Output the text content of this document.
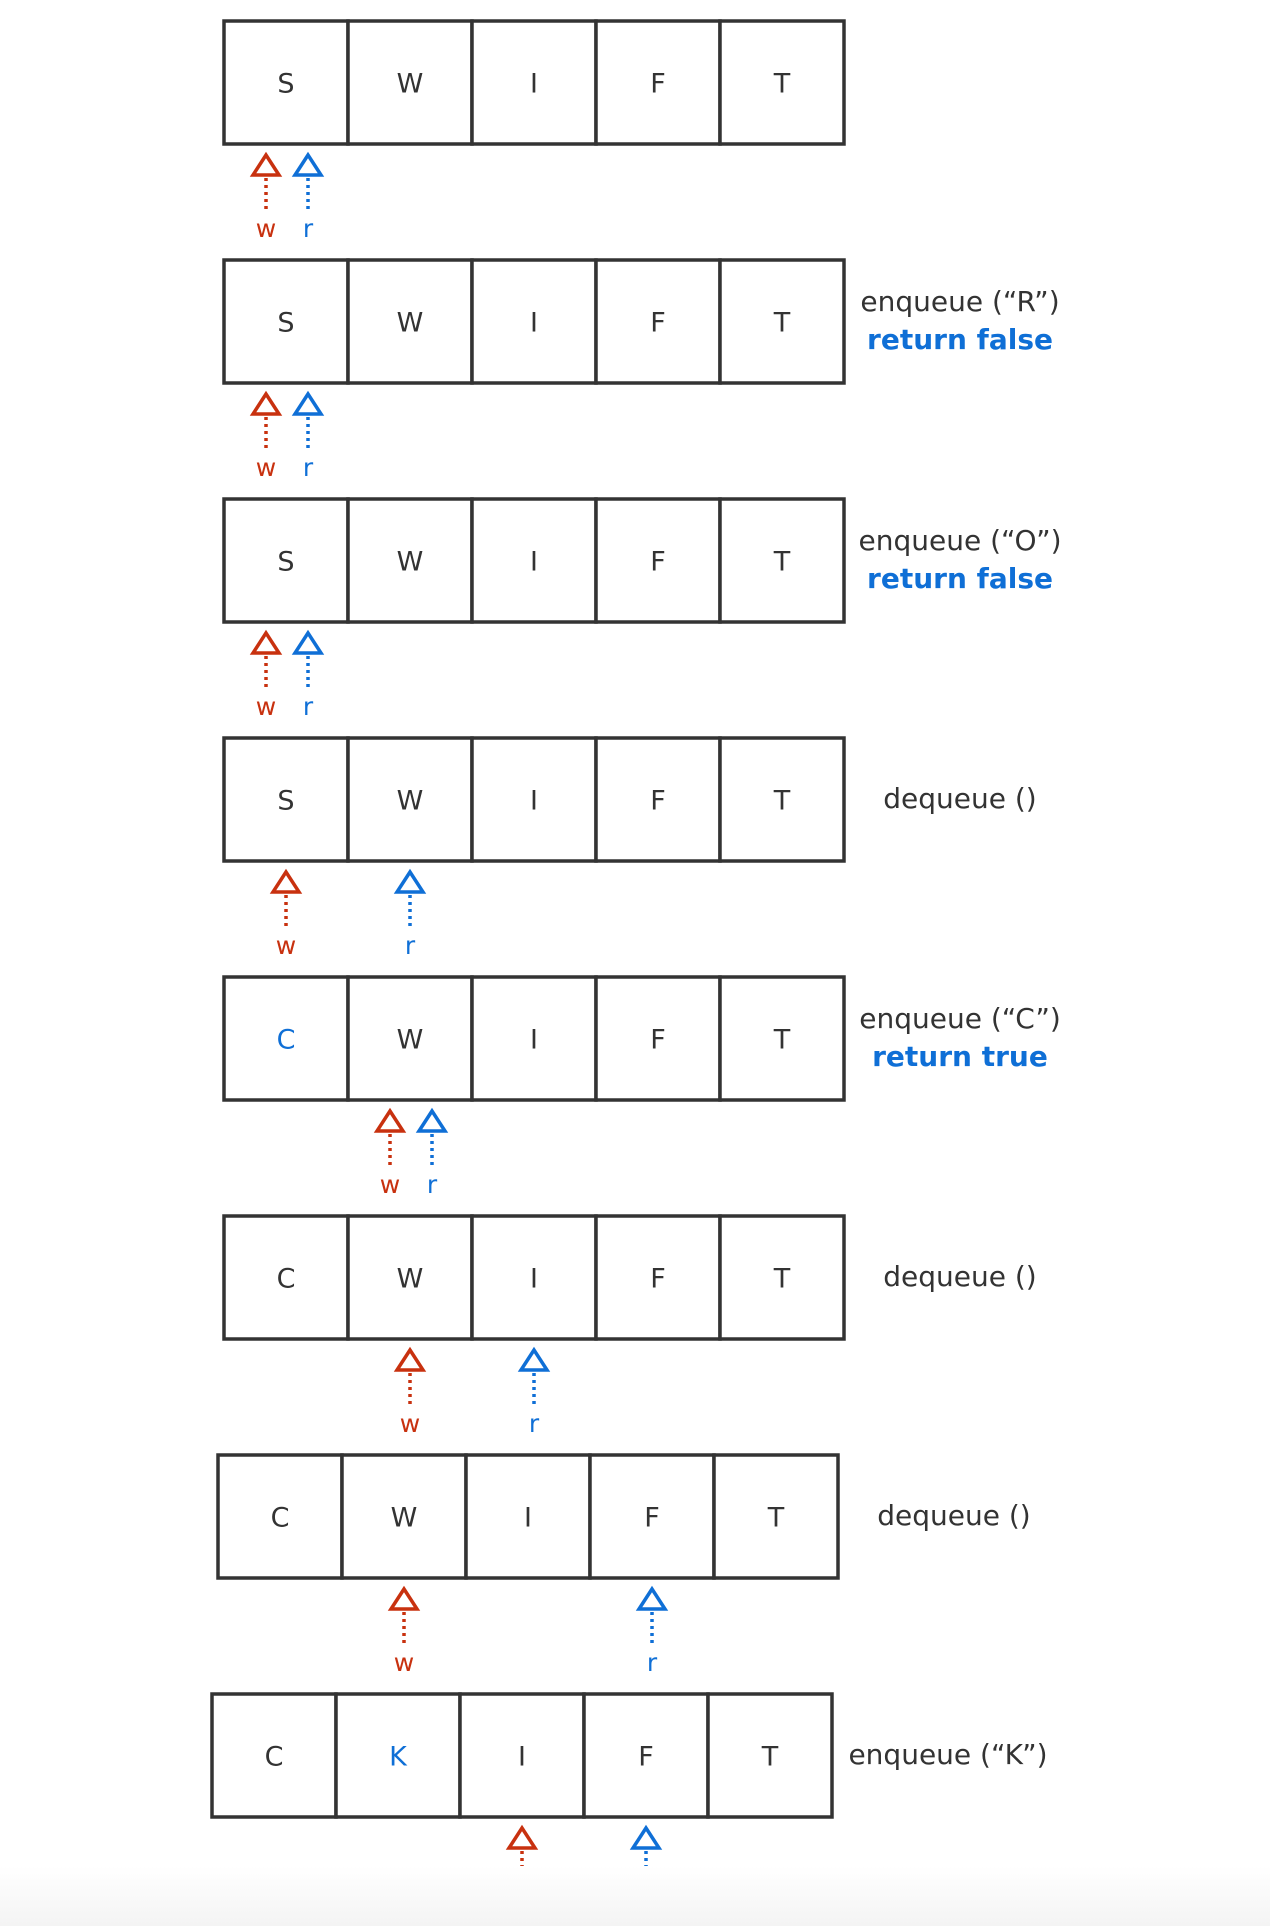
S	W	I	F	T
w r
S	W	I	F	T
enqueue (“R”)
return false
w r
S	W	I	F	T
enqueue (“O”)
return false
w r
S	W	I	F	T	dequeue ()
w	r
C	W	I	F	T
enqueue (“C”)
return true
w r
C	W	I	F	T	dequeue ()
w	r
C	W	I	F	T	dequeue ()
w	r
C	K	I	F	T	enqueue (“K”)
